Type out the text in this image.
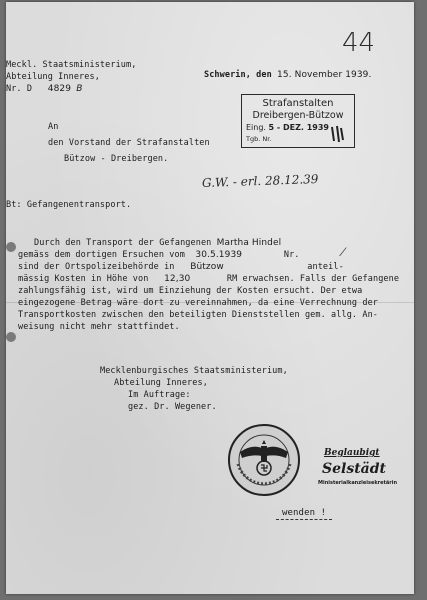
44
Meckl. Staatsministerium,
Abteilung Inneres,
Nr. D 4829 B
Schwerin, den 15. November 1939.
Strafanstalten
Dreibergen-Bützow
Eing. 5 - DEZ. 1939
Tgb. Nr.
An
den Vorstand der Strafanstalten
Bützow - Dreibergen.
G.W. - erl. 28.12.39
Bt: Gefangenentransport.
Durch den Transport der Gefangenen Martha Hindel
gemäss dem dortigen Ersuchen vom 30.5.1939	Nr.	⁄
sind der Ortspolizeibehörde in Bützow	anteil-
mässig Kosten in Höhe von 12,30	RM erwachsen. Falls der Gefangene
zahlungsfähig ist, wird um Einziehung der Kosten ersucht. Der etwa
eingezogene Betrag wäre dort zu vereinnahmen, da eine Verrechnung der
Transportkosten zwischen den beteiligten Dienststellen gem. allg. An-
weisung nicht mehr stattfindet.
Mecklenburgisches Staatsministerium,
Abteilung Inneres,
Im Auftrage:
gez. Dr. Wegener.
Beglaubigt
Selstädt
Ministerialkanzleisekretärin
wenden !
